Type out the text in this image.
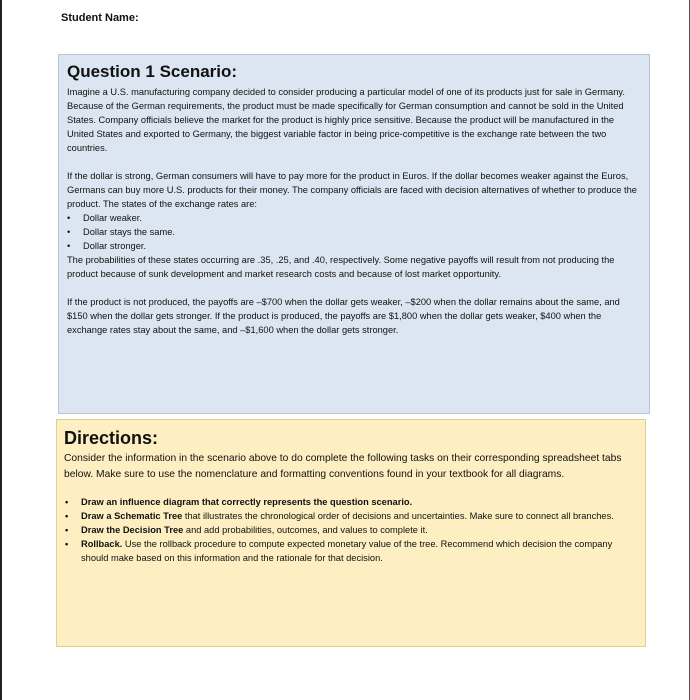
Student Name:
Question 1 Scenario:

Imagine a U.S. manufacturing company decided to consider producing a particular model of one of its products just for sale in Germany. Because of the German requirements, the product must be made specifically for German consumption and cannot be sold in the United States. Company officials believe the market for the product is highly price sensitive. Because the product will be manufactured in the United States and exported to Germany, the biggest variable factor in being price-competitive is the exchange rate between the two countries.

If the dollar is strong, German consumers will have to pay more for the product in Euros. If the dollar becomes weaker against the Euros, Germans can buy more U.S. products for their money. The company officials are faced with decision alternatives of whether to produce the product. The states of the exchange rates are:

• Dollar weaker.
• Dollar stays the same.
• Dollar stronger.

The probabilities of these states occurring are .35, .25, and .40, respectively. Some negative payoffs will result from not producing the product because of sunk development and market research costs and because of lost market opportunity.

If the product is not produced, the payoffs are –$700 when the dollar gets weaker, –$200 when the dollar remains about the same, and $150 when the dollar gets stronger. If the product is produced, the payoffs are $1,800 when the dollar gets weaker, $400 when the exchange rates stay about the same, and –$1,600 when the dollar gets stronger.

Directions:

Consider the information in the scenario above to do complete the following tasks on their corresponding spreadsheet tabs below. Make sure to use the nomenclature and formatting conventions found in your textbook for all diagrams.

• Draw an influence diagram that correctly represents the question scenario.
• Draw a Schematic Tree that illustrates the chronological order of decisions and uncertainties. Make sure to connect all branches.
• Draw the Decision Tree and add probabilities, outcomes, and values to complete it.
• Rollback. Use the rollback procedure to compute expected monetary value of the tree. Recommend which decision the company should make based on this information and the rationale for that decision.
